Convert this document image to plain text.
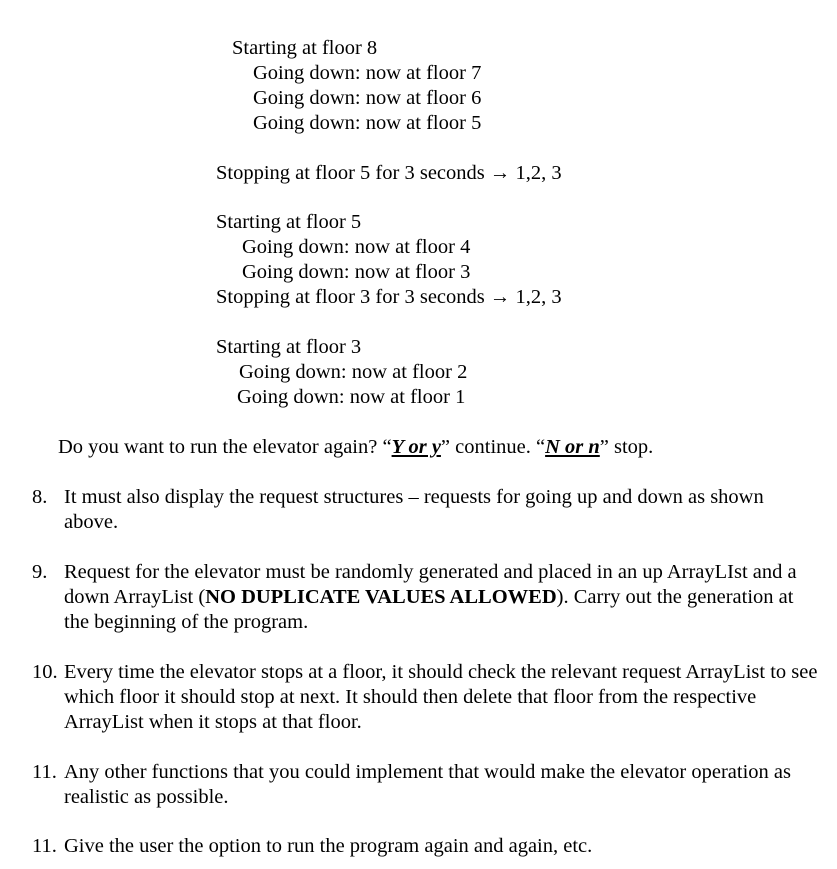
Starting at floor 8
Going down: now at floor 7
Going down: now at floor 6
Going down: now at floor 5
Stopping at floor 5 for 3 seconds → 1,2, 3
Starting at floor 5
Going down: now at floor 4
Going down: now at floor 3
Stopping at floor 3 for 3 seconds → 1,2, 3
Starting at floor 3
Going down: now at floor 2
Going down: now at floor 1
Do you want to run the elevator again? “Y or y” continue. “N or n” stop.
8. It must also display the request structures – requests for going up and down as shown above.
9. Request for the elevator must be randomly generated and placed in an up ArrayLIst and a down ArrayList (NO DUPLICATE VALUES ALLOWED). Carry out the generation at the beginning of the program.
10. Every time the elevator stops at a floor, it should check the relevant request ArrayList to see which floor it should stop at next. It should then delete that floor from the respective ArrayList when it stops at that floor.
11. Any other functions that you could implement that would make the elevator operation as realistic as possible.
11. Give the user the option to run the program again and again, etc.
